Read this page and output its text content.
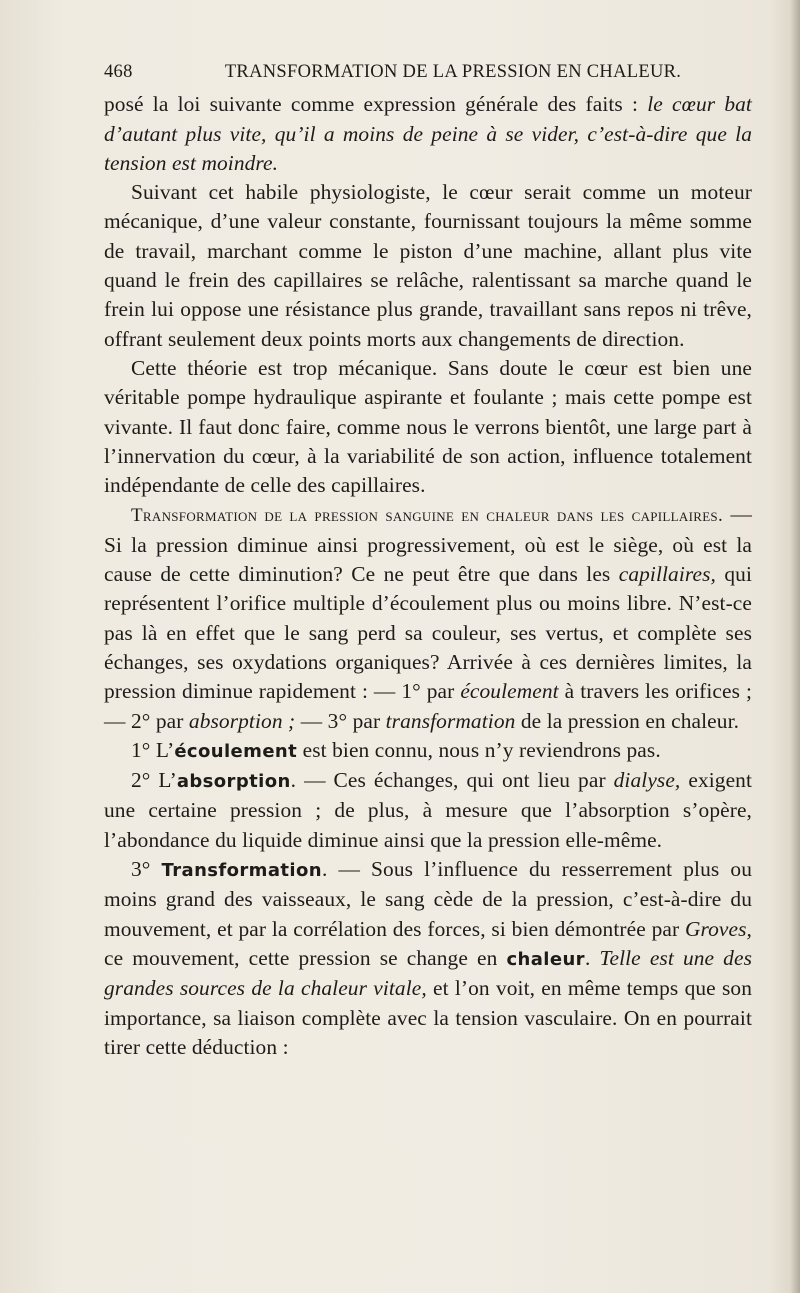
468	TRANSFORMATION DE LA PRESSION EN CHALEUR.

posé la loi suivante comme expression générale des faits : le cœur bat d’autant plus vite, qu’il a moins de peine à se vider, c’est-à-dire que la tension est moindre.

Suivant cet habile physiologiste, le cœur serait comme un moteur mécanique, d’une valeur constante, fournissant toujours la même somme de travail, marchant comme le piston d’une machine, allant plus vite quand le frein des capillaires se relâche, ralentissant sa marche quand le frein lui oppose une résistance plus grande, travaillant sans repos ni trêve, offrant seulement deux points morts aux changements de direction.

Cette théorie est trop mécanique. Sans doute le cœur est bien une véritable pompe hydraulique aspirante et foulante ; mais cette pompe est vivante. Il faut donc faire, comme nous le verrons bientôt, une large part à l’innervation du cœur, à la variabilité de son action, influence totalement indépendante de celle des capillaires.

Transformation de la pression sanguine en chaleur dans les capillaires. — Si la pression diminue ainsi progressivement, où est le siège, où est la cause de cette diminution? Ce ne peut être que dans les capillaires, qui représentent l’orifice multiple d’écoulement plus ou moins libre. N’est-ce pas là en effet que le sang perd sa couleur, ses vertus, et complète ses échanges, ses oxydations organiques? Arrivée à ces dernières limites, la pression diminue rapidement : — 1° par écoulement à travers les orifices ; — 2° par absorption ; — 3° par transformation de la pression en chaleur.

1° L’écoulement est bien connu, nous n’y reviendrons pas.

2° L’absorption. — Ces échanges, qui ont lieu par dialyse, exigent une certaine pression ; de plus, à mesure que l’absorption s’opère, l’abondance du liquide diminue ainsi que la pression elle-même.

3° Transformation. — Sous l’influence du resserrement plus ou moins grand des vaisseaux, le sang cède de la pression, c’est-à-dire du mouvement, et par la corrélation des forces, si bien démontrée par Groves, ce mouvement, cette pression se change en chaleur. Telle est une des grandes sources de la chaleur vitale, et l’on voit, en même temps que son importance, sa liaison complète avec la tension vasculaire. On en pourrait tirer cette déduction :
